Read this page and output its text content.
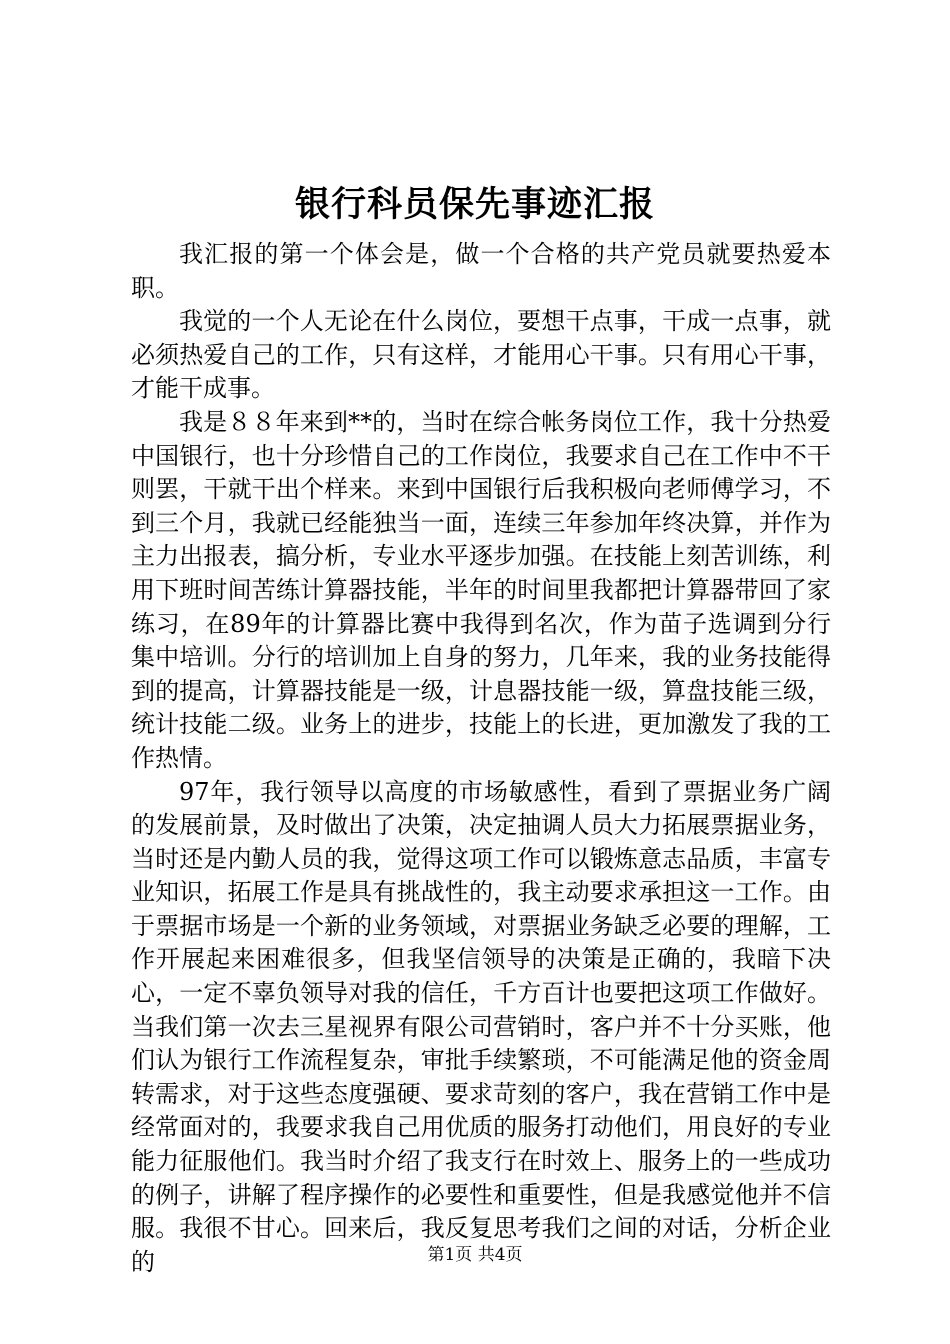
银行科员保先事迹汇报

我汇报的第一个体会是，做一个合格的共产党员就要热爱本职。

我觉的一个人无论在什么岗位，要想干点事，干成一点事，就必须热爱自己的工作，只有这样，才能用心干事。只有用心干事，才能干成事。

我是８８年来到**的，当时在综合帐务岗位工作，我十分热爱中国银行，也十分珍惜自己的工作岗位，我要求自己在工作中不干则罢，干就干出个样来。来到中国银行后我积极向老师傅学习，不到三个月，我就已经能独当一面，连续三年参加年终决算，并作为主力出报表，搞分析，专业水平逐步加强。在技能上刻苦训练，利用下班时间苦练计算器技能，半年的时间里我都把计算器带回了家练习，在89年的计算器比赛中我得到名次，作为苗子选调到分行集中培训。分行的培训加上自身的努力，几年来，我的业务技能得到的提高，计算器技能是一级，计息器技能一级，算盘技能三级，统计技能二级。业务上的进步，技能上的长进，更加激发了我的工作热情。

97年，我行领导以高度的市场敏感性，看到了票据业务广阔的发展前景，及时做出了决策，决定抽调人员大力拓展票据业务，当时还是内勤人员的我，觉得这项工作可以锻炼意志品质，丰富专业知识，拓展工作是具有挑战性的，我主动要求承担这一工作。由于票据市场是一个新的业务领域，对票据业务缺乏必要的理解，工作开展起来困难很多，但我坚信领导的决策是正确的，我暗下决心，一定不辜负领导对我的信任，千方百计也要把这项工作做好。当我们第一次去三星视界有限公司营销时，客户并不十分买账，他们认为银行工作流程复杂，审批手续繁琐，不可能满足他的资金周转需求，对于这些态度强硬、要求苛刻的客户，我在营销工作中是经常面对的，我要求我自己用优质的服务打动他们，用良好的专业能力征服他们。我当时介绍了我支行在时效上、服务上的一些成功的例子，讲解了程序操作的必要性和重要性，但是我感觉他并不信服。我很不甘心。回来后，我反复思考我们之间的对话，分析企业的	第1页 共4页
